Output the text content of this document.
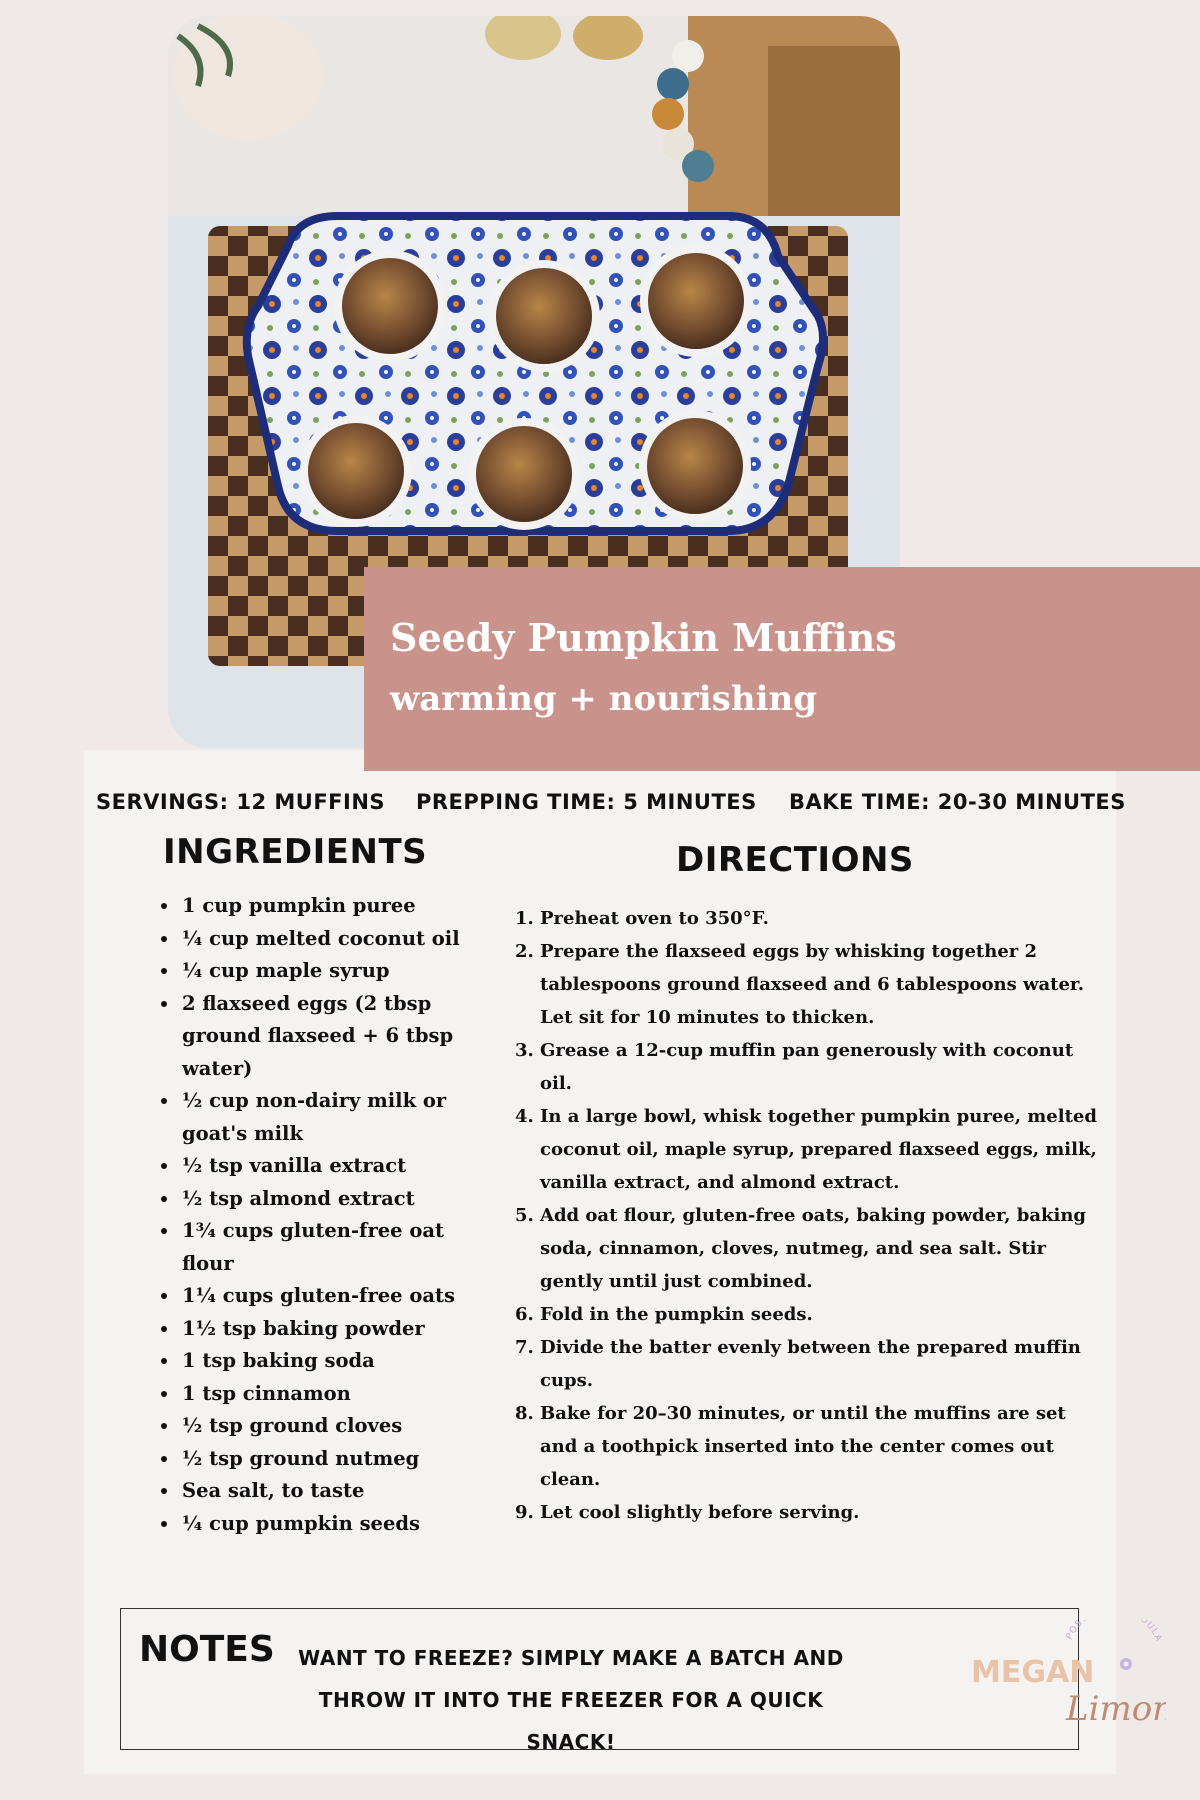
Seedy Pumpkin Muffins
warming + nourishing
SERVINGS: 12 MUFFINS PREPPING TIME: 5 MINUTES BAKE TIME: 20-30 MINUTES
INGREDIENTS
• 1 cup pumpkin puree
• ¼ cup melted coconut oil
• ¼ cup maple syrup
• 2 flaxseed eggs (2 tbsp ground flaxseed + 6 tbsp water)
• ½ cup non-dairy milk or goat's milk
• ½ tsp vanilla extract
• ½ tsp almond extract
• 1¾ cups gluten-free oat flour
• 1¼ cups gluten-free oats
• 1½ tsp baking powder
• 1 tsp baking soda
• 1 tsp cinnamon
• ½ tsp ground cloves
• ½ tsp ground nutmeg
• Sea salt, to taste
• ¼ cup pumpkin seeds
DIRECTIONS
1. Preheat oven to 350°F.
2. Prepare the flaxseed eggs by whisking together 2 tablespoons ground flaxseed and 6 tablespoons water. Let sit for 10 minutes to thicken.
3. Grease a 12-cup muffin pan generously with coconut oil.
4. In a large bowl, whisk together pumpkin puree, melted coconut oil, maple syrup, prepared flaxseed eggs, milk, vanilla extract, and almond extract.
5. Add oat flour, gluten-free oats, baking powder, baking soda, cinnamon, cloves, nutmeg, and sea salt. Stir gently until just combined.
6. Fold in the pumpkin seeds.
7. Divide the batter evenly between the prepared muffin cups.
8. Bake for 20–30 minutes, or until the muffins are set and a toothpick inserted into the center comes out clean.
9. Let cool slightly before serving.
NOTES	WANT TO FREEZE? SIMPLY MAKE A BATCH AND THROW IT INTO THE FREEZER FOR A QUICK SNACK!
POS OULA
MEGAN
Limon
